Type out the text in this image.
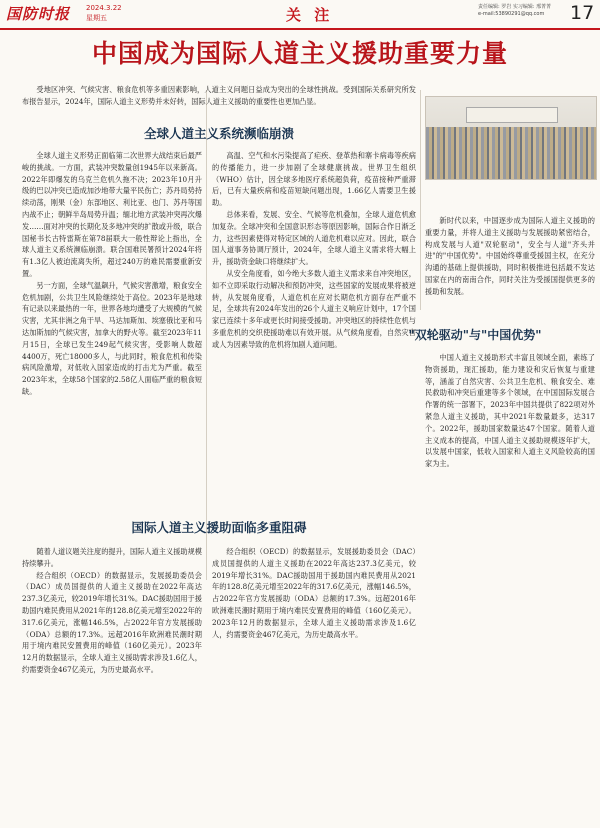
国防时报 2024.3.22
星期五	关 注	责任编辑: 罗岩 实习编辑: 邢菁菁
e-mail:53890291@qq.com	17
中国成为国际人道主义援助重要力量

受地区冲突、气候灾害、粮食危机等多重因素影响，人道主义问题日益成为突出的全球性挑战。受到国际关系研究所发布报告显示，2024年，国际人道主义形势并未好转，国际人道主义援助的重要性也更加凸显。

全球人道主义系统濒临崩溃

全球人道主义形势正面临第二次世界大战结束后最严峻的挑战。一方面，武装冲突数量创1945年以来新高。2022年即爆发的乌克兰危机久拖不决；2023年10月升级的巴以冲突已造成加沙地带大量平民伤亡；苏丹局势持续动荡，刚果（金）东部地区、利比亚、也门、苏丹等国内战不止；朝鲜半岛局势升温；缅北地方武装冲突再次爆发……面对冲突的长期化及多地冲突的扩散或升级，联合国秘书长古特雷斯在第78届联大一般性辩论上指出，全球人道主义系统濒临崩溃。联合国难民署预计2024年将有1.3亿人被迫流离失所，超过240万的难民需要重新安置。

另一方面，全球气温飙升，气候灾害激增，粮食安全危机加剧，公共卫生风险继续处于高位。2023年是地球有记录以来最热的一年，世界各地均遭受了大规模的气候灾害，尤其非洲之角干旱、马达加斯加、埃塞俄比亚和马达加斯加的气候灾害，加拿大的野火等。截至2023年11月15日，全球已发生249起气候灾害，受影响人数超4400万，死亡18000多人，与此同时，粮食危机和传染病风险激增，对低收入国家造成的打击尤为严重。截至2023年末，全球58个国家的2.58亿人面临严重的粮食短缺。

高温、空气和水污染提高了疟疾、登革热和寨卡病毒等疾病的传播能力，进一步加剧了全球健康挑战。世界卫生组织（WHO）估计，因全球多地医疗系统超负荷，疫苗接种严重滞后，已有大量疾病和疫苗短缺问题出现，1.66亿人需要卫生援助。

总体来看，发展、安全、气候等危机叠加，全球人道危机愈加复杂。全球冲突和全国意识形态等原因影响，国际合作日渐乏力，这些因素使得对特定区域的人道危机难以应对。因此，联合国人道事务协调厅预计，2024年，全球人道主义需求将大幅上升，援助资金缺口将继续扩大。

从安全角度看，如今绝大多数人道主义需求来自冲突地区，如不立即采取行动解决和预防冲突，这些国家的发展成果将被逆转，从发展角度看，人道危机在应对长期危机方面存在严重不足，全球共有2024年发出的26个人道主义响应计划中，17个国家已连续十多年或更长时间接受援助。冲突地区的持续性危机与多重危机的交织使援助难以有效开展。从气候角度看，自然灾害或人为因素导致的危机将加剧人道问题。

新时代以来，中国逐步成为国际人道主义援助的重要力量，并将人道主义援助与发展援助紧密结合，构成发展与人道"双轮驱动"，安全与人道"齐头并进"的"中国优势"。中国始终尊重受援国主权，在充分沟通的基础上提供援助，同时积极推进包括最不发达国家在内的南南合作，同时关注为受援国提供更多的援助和发展。

"双轮驱动"与"中国优势"

中国人道主义援助形式丰富且领域全面，素练了物资援助，现汇援助，能力建设和灾后恢复与重建等，涵盖了自然灾害、公共卫生危机、粮食安全、难民救助和冲突后重建等多个领域，在中国国际发展合作署的统一部署下，2023年中国共提供了822项对外紧急人道主义援助，其中2021年数量最多，达317个。2022年，援助国家数量达47个国家。随着人道主义成本的提高，中国人道主义援助规模逐年扩大，以发展中国家，低收入国家和人道主义风险较高的国家为主。

国际人道主义援助面临多重阻碍

随着人道议题关注度的提升，国际人道主义援助规模持续攀升。

经合组织（OECD）的数据显示，发展援助委员会（DAC）成员国提供的人道主义援助在2022年高达237.3亿美元，较2019年增长31%。DAC援助国用于援助国内难民费用从2021年的128.8亿美元增至2022年的317.6亿美元，涨幅146.5%，占2022年官方发展援助（ODA）总额的17.3%。远超2016年欧洲难民潮时期用于境内难民安置费用的峰值（160亿美元）。2023年12月的数据显示，全球人道主义援助需求涉及1.6亿人，约需要资金467亿美元，为历史最高水平。

经合组织（OECD）的数据显示，发展援助委员会（DAC）成员国提供的人道主义援助在2022年高达237.3亿美元，较2019年增长31%。DAC援助国用于援助国内难民费用从2021年的128.8亿美元增至2022年的317.6亿美元，涨幅146.5%，占2022年官方发展援助（ODA）总额的17.3%。远超2016年欧洲难民潮时期用于境内难民安置费用的峰值（160亿美元）。2023年12月的数据显示，全球人道主义援助需求涉及1.6亿人，约需要资金467亿美元，为历史最高水平。
